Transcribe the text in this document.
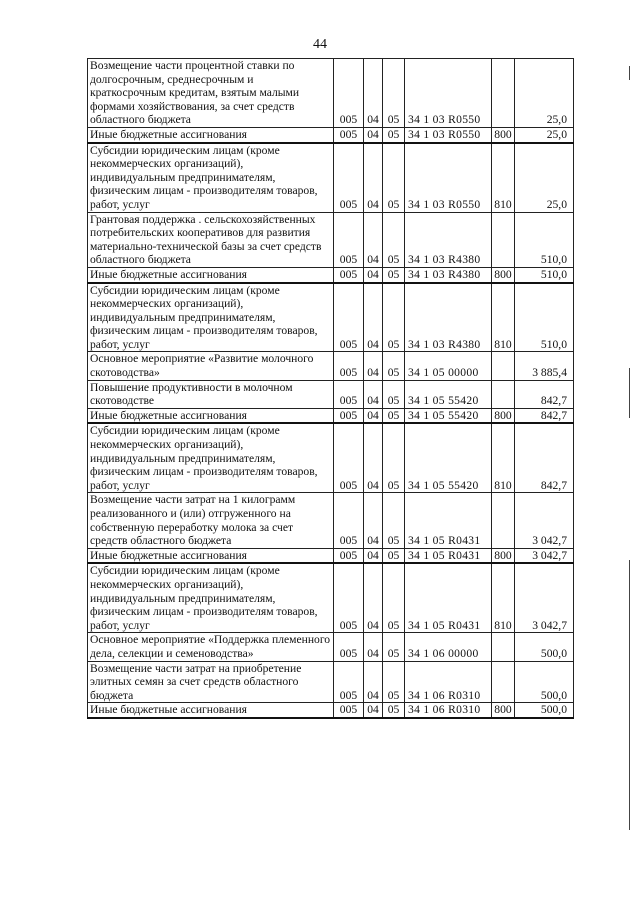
44
Возмещение части процентной ставки по долгосрочным, среднесрочным и краткосрочным кредитам, взятым малыми формами хозяйствования, за счет средств областного бюджета	005	04	05	34 1 03 R0550		25,0
Иные бюджетные ассигнования	005	04	05	34 1 03 R0550	800	25,0
Субсидии юридическим лицам (кроме некоммерческих организаций), индивидуальным предпринимателям, физическим лицам - производителям товаров, работ, услуг	005	04	05	34 1 03 R0550	810	25,0
Грантовая поддержка . сельскохозяйственных потребительских кооперативов для развития материально-технической базы за счет средств областного бюджета	005	04	05	34 1 03 R4380		510,0
Иные бюджетные ассигнования	005	04	05	34 1 03 R4380	800	510,0
Субсидии юридическим лицам (кроме некоммерческих организаций), индивидуальным предпринимателям, физическим лицам - производителям товаров, работ, услуг	005	04	05	34 1 03 R4380	810	510,0
Основное мероприятие «Развитие молочного скотоводства»	005	04	05	34 1 05 00000		3 885,4
Повышение продуктивности в молочном скотоводстве	005	04	05	34 1 05 55420		842,7
Иные бюджетные ассигнования	005	04	05	34 1 05 55420	800	842,7
Субсидии юридическим лицам (кроме некоммерческих организаций), индивидуальным предпринимателям, физическим лицам - производителям товаров, работ, услуг	005	04	05	34 1 05 55420	810	842,7
Возмещение части затрат на 1 килограмм реализованного и (или) отгруженного на собственную переработку молока за счет средств областного бюджета	005	04	05	34 1 05 R0431		3 042,7
Иные бюджетные ассигнования	005	04	05	34 1 05 R0431	800	3 042,7
Субсидии юридическим лицам (кроме некоммерческих организаций), индивидуальным предпринимателям, физическим лицам - производителям товаров, работ, услуг	005	04	05	34 1 05 R0431	810	3 042,7
Основное мероприятие «Поддержка племенного дела, селекции и семеноводства»	005	04	05	34 1 06 00000		500,0
Возмещение части затрат на приобретение элитных семян за счет средств областного бюджета	005	04	05	34 1 06 R0310		500,0
Иные бюджетные ассигнования	005	04	05	34 1 06 R0310	800	500,0
